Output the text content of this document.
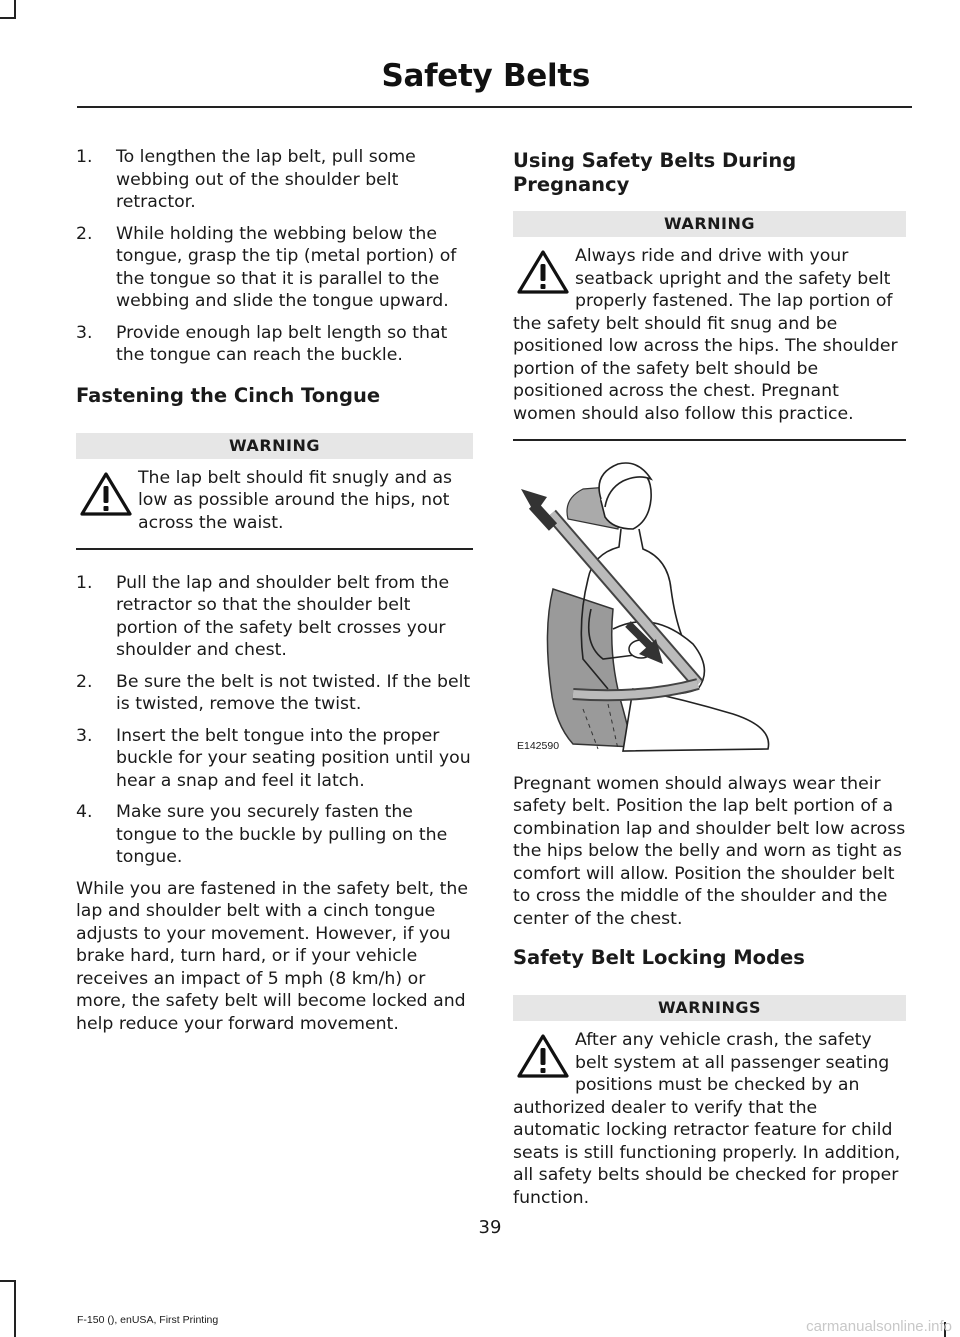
Safety Belts
1. To lengthen the lap belt, pull some webbing out of the shoulder belt retractor.
2. While holding the webbing below the tongue, grasp the tip (metal portion) of the tongue so that it is parallel to the webbing and slide the tongue upward.
3. Provide enough lap belt length so that the tongue can reach the buckle.
Fastening the Cinch Tongue
WARNING

The lap belt should fit snugly and as low as possible around the hips, not across the waist.

1. Pull the lap and shoulder belt from the retractor so that the shoulder belt portion of the safety belt crosses your shoulder and chest.
2. Be sure the belt is not twisted. If the belt is twisted, remove the twist.
3. Insert the belt tongue into the proper buckle for your seating position until you hear a snap and feel it latch.
4. Make sure you securely fasten the tongue to the buckle by pulling on the tongue.

While you are fastened in the safety belt, the lap and shoulder belt with a cinch tongue adjusts to your movement. However, if you brake hard, turn hard, or if your vehicle receives an impact of 5 mph (8 km/h) or more, the safety belt will become locked and help reduce your forward movement.

Using Safety Belts During Pregnancy
WARNING

Always ride and drive with your seatback upright and the safety belt properly fastened. The lap portion of the safety belt should fit snug and be positioned low across the hips. The shoulder portion of the safety belt should be positioned across the chest. Pregnant women should also follow this practice.

E142590

Pregnant women should always wear their safety belt. Position the lap belt portion of a combination lap and shoulder belt low across the hips below the belly and worn as tight as comfort will allow. Position the shoulder belt to cross the middle of the shoulder and the center of the chest.

Safety Belt Locking Modes
WARNINGS

After any vehicle crash, the safety belt system at all passenger seating positions must be checked by an authorized dealer to verify that the automatic locking retractor feature for child seats is still functioning properly. In addition, all safety belts should be checked for proper function.

39
F-150 (), enUSA, First Printing	carmanualsonline.info
